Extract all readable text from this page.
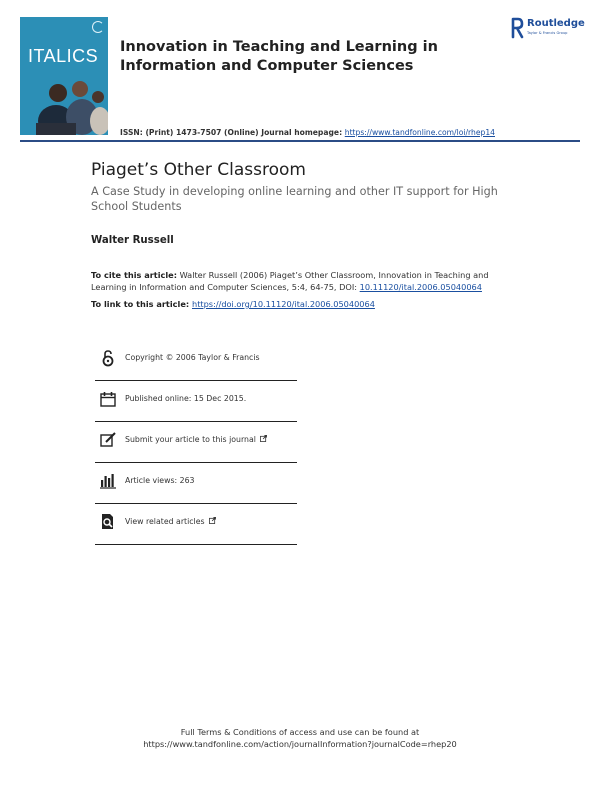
ITALICS Innovation in Teaching and Learning in Information and Computer Sciences
ISSN: (Print) 1473-7507 (Online) Journal homepage: https://www.tandfonline.com/loi/rhep14
Routledge
Taylor & Francis Group
Piaget’s Other Classroom
A Case Study in developing online learning and other IT support for High School Students
Walter Russell
To cite this article: Walter Russell (2006) Piaget’s Other Classroom, Innovation in Teaching and Learning in Information and Computer Sciences, 5:4, 64-75, DOI: 10.11120/ital.2006.05040064
To link to this article: https://doi.org/10.11120/ital.2006.05040064
Copyright © 2006 Taylor & Francis
Published online: 15 Dec 2015.
Submit your article to this journal
Article views: 263
View related articles
Full Terms & Conditions of access and use can be found at
https://www.tandfonline.com/action/journalInformation?journalCode=rhep20
